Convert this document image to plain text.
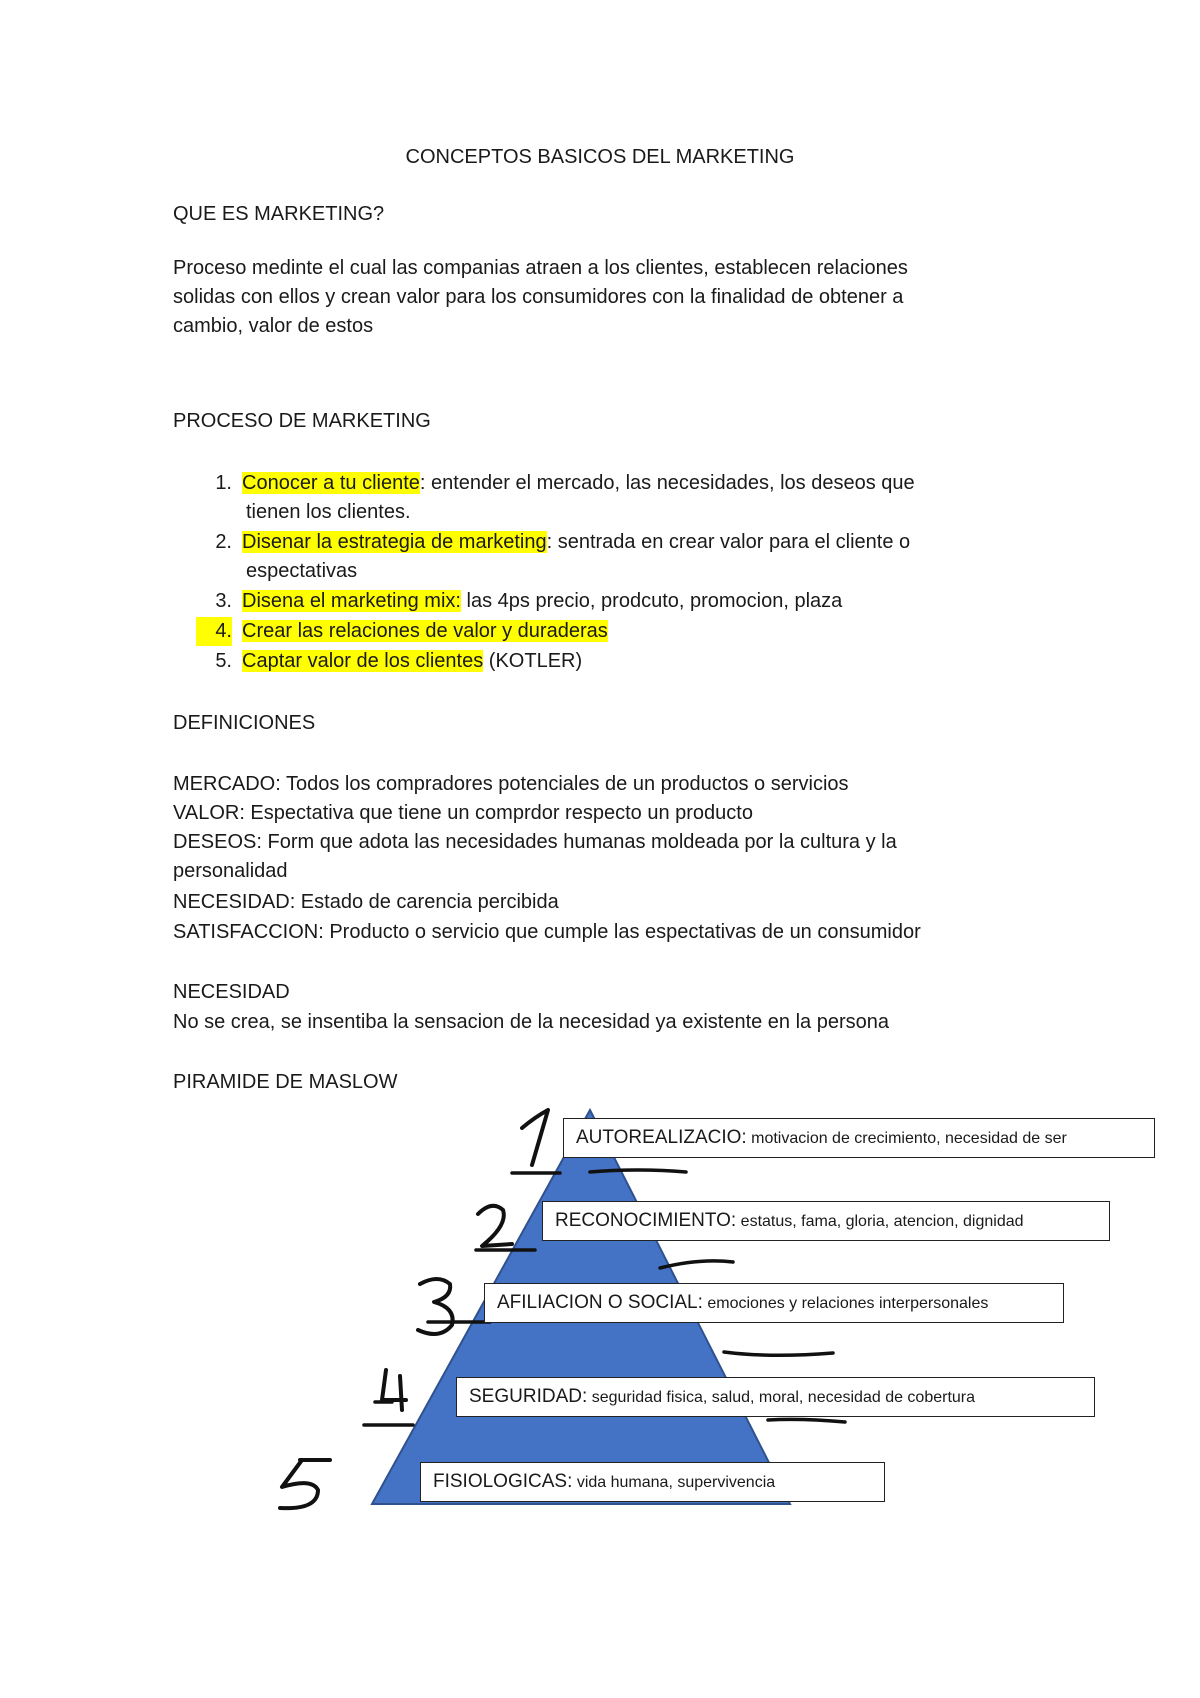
CONCEPTOS BASICOS DEL MARKETING
QUE ES MARKETING?
Proceso medinte el cual las companias atraen a los clientes, establecen relaciones
solidas con ellos y crean valor para los consumidores con la finalidad de obtener a
cambio, valor de estos
PROCESO DE MARKETING
1. Conocer a tu cliente: entender el mercado, las necesidades, los deseos que
tienen los clientes.
2. Disenar la estrategia de marketing: sentrada en crear valor para el cliente o
espectativas
3. Disena el marketing mix: las 4ps precio, prodcuto, promocion, plaza
4. Crear las relaciones de valor y duraderas
5. Captar valor de los clientes (KOTLER)
DEFINICIONES
MERCADO: Todos los compradores potenciales de un productos o servicios
VALOR: Espectativa que tiene un comprdor respecto un producto
DESEOS: Form que adota las necesidades humanas moldeada por la cultura y la
personalidad
NECESIDAD: Estado de carencia percibida
SATISFACCION: Producto o servicio que cumple las espectativas de un consumidor
NECESIDAD
No se crea, se insentiba la sensacion de la necesidad ya existente en la persona
PIRAMIDE DE MASLOW
AUTOREALIZACIO: motivacion de crecimiento, necesidad de ser
RECONOCIMIENTO: estatus, fama, gloria, atencion, dignidad
AFILIACION O SOCIAL: emociones y relaciones interpersonales
SEGURIDAD: seguridad fisica, salud, moral, necesidad de cobertura
FISIOLOGICAS: vida humana, supervivencia
